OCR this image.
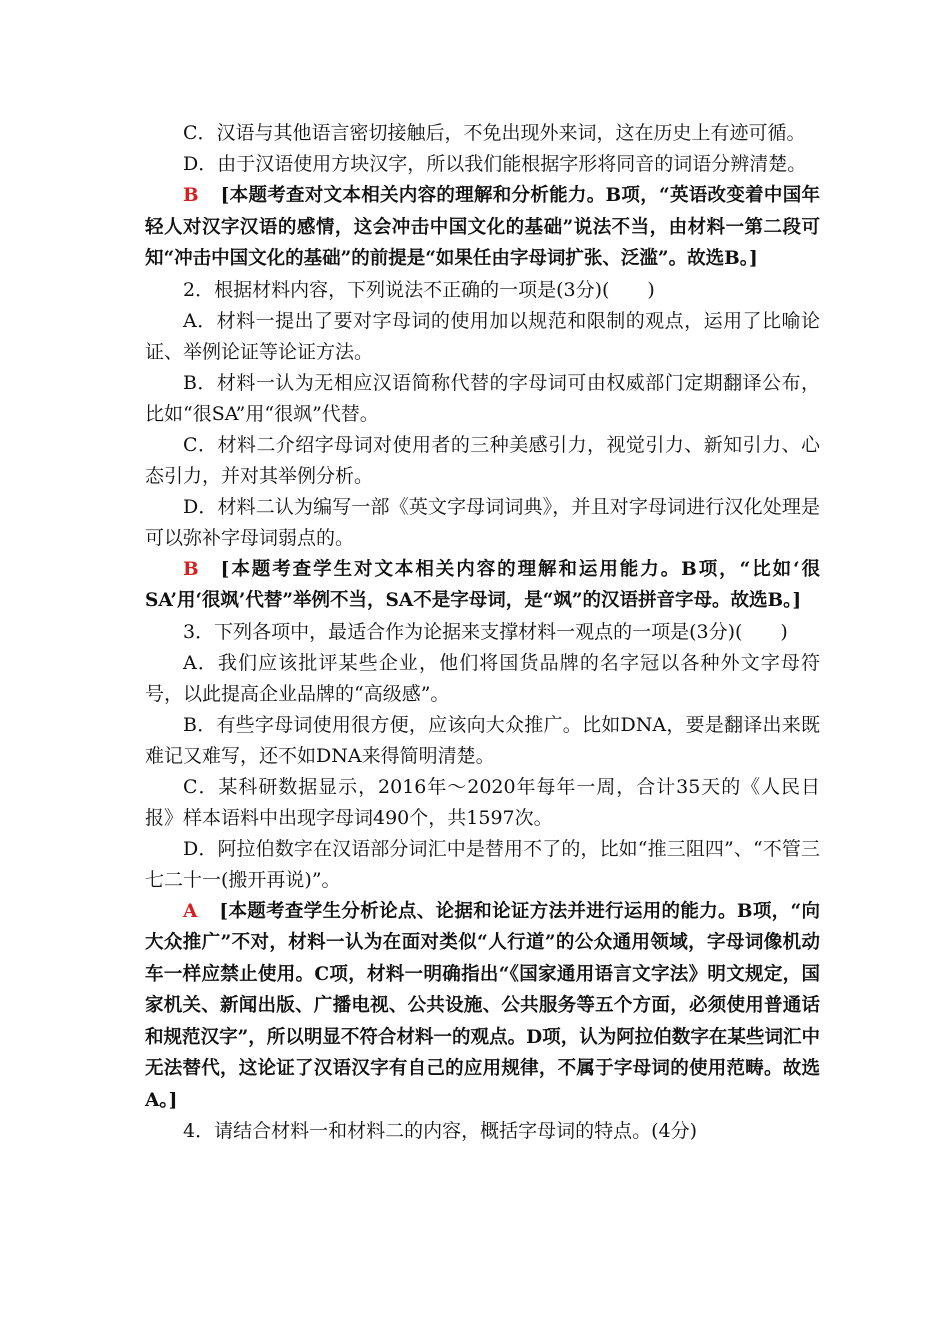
C．汉语与其他语言密切接触后，不免出现外来词，这在历史上有迹可循。

D．由于汉语使用方块汉字，所以我们能根据字形将同音的词语分辨清楚。

B [本题考查对文本相关内容的理解和分析能力。B项，“英语改变着中国年轻人对汉字汉语的感情，这会冲击中国文化的基础”说法不当，由材料一第二段可知“冲击中国文化的基础”的前提是“如果任由字母词扩张、泛滥”。故选B。]

2．根据材料内容，下列说法不正确的一项是(3分)(　　)

A．材料一提出了要对字母词的使用加以规范和限制的观点，运用了比喻论证、举例论证等论证方法。

B．材料一认为无相应汉语简称代替的字母词可由权威部门定期翻译公布，比如“很SA”用“很飒”代替。

C．材料二介绍字母词对使用者的三种美感引力，视觉引力、新知引力、心态引力，并对其举例分析。

D．材料二认为编写一部《英文字母词词典》，并且对字母词进行汉化处理是可以弥补字母词弱点的。

B [本题考查学生对文本相关内容的理解和运用能力。B项，“比如‘很SA’用‘很飒’代替”举例不当，SA不是字母词，是“飒”的汉语拼音字母。故选B。]

3．下列各项中，最适合作为论据来支撑材料一观点的一项是(3分)(　　)

A．我们应该批评某些企业，他们将国货品牌的名字冠以各种外文字母符号，以此提高企业品牌的“高级感”。

B．有些字母词使用很方便，应该向大众推广。比如DNA，要是翻译出来既难记又难写，还不如DNA来得简明清楚。

C．某科研数据显示，2016年～2020年每年一周，合计35天的《人民日报》样本语料中出现字母词490个，共1597次。

D．阿拉伯数字在汉语部分词汇中是替用不了的，比如“推三阻四”、“不管三七二十一(搬开再说)”。

A [本题考查学生分析论点、论据和论证方法并进行运用的能力。B项，“向大众推广”不对，材料一认为在面对类似“人行道”的公众通用领域，字母词像机动车一样应禁止使用。C项，材料一明确指出“《国家通用语言文字法》明文规定，国家机关、新闻出版、广播电视、公共设施、公共服务等五个方面，必须使用普通话和规范汉字”，所以明显不符合材料一的观点。D项，认为阿拉伯数字在某些词汇中无法替代，这论证了汉语汉字有自己的应用规律，不属于字母词的使用范畴。故选A。]

4．请结合材料一和材料二的内容，概括字母词的特点。(4分)
